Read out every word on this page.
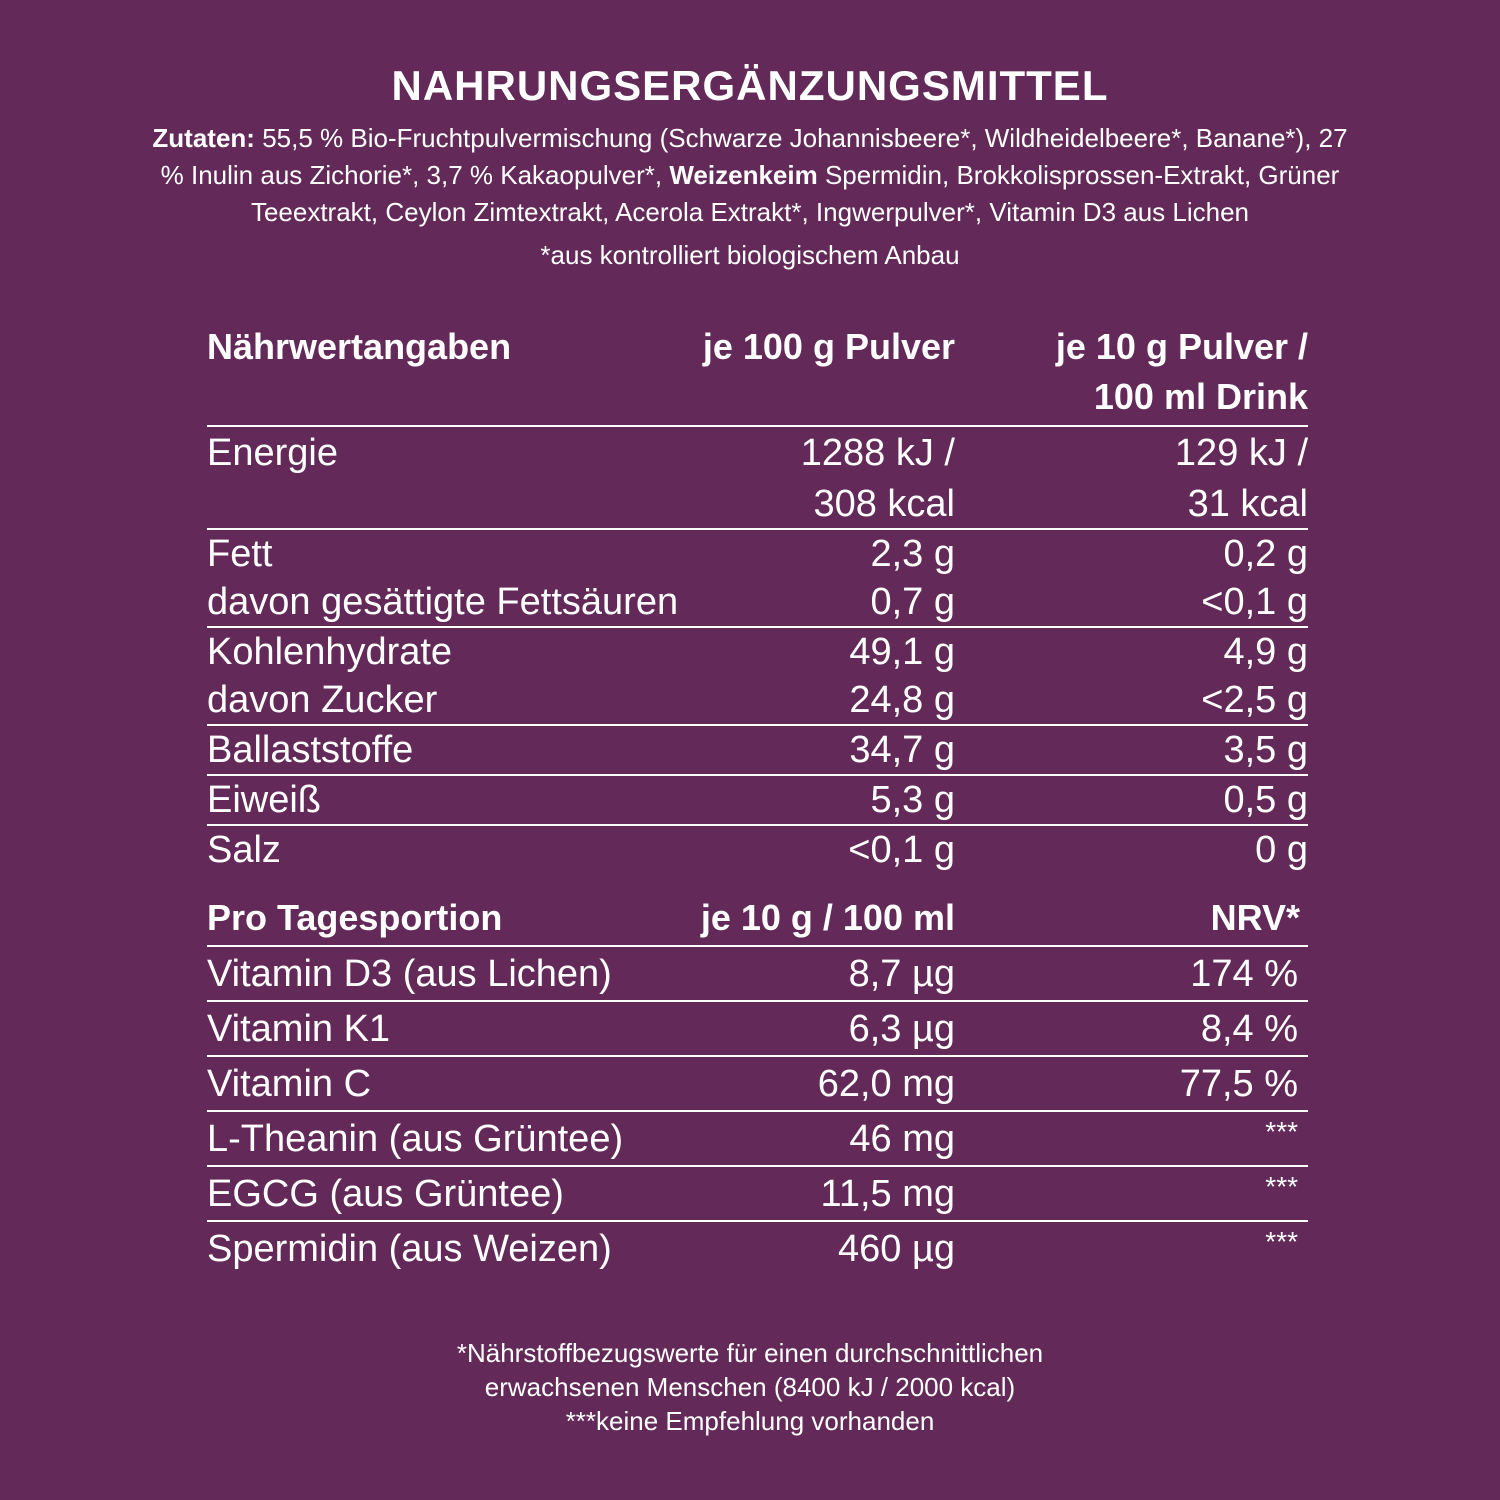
NAHRUNGSERGÄNZUNGSMITTEL
Zutaten: 55,5 % Bio-Fruchtpulvermischung (Schwarze Johannisbeere*, Wildheidelbeere*, Banane*), 27 % Inulin aus Zichorie*, 3,7 % Kakaopulver*, Weizenkeim Spermidin, Brokkolisprossen-Extrakt, Grüner Teeextrakt, Ceylon Zimtextrakt, Acerola Extrakt*, Ingwerpulver*, Vitamin D3 aus Lichen
*aus kontrolliert biologischem Anbau
Nährwertangaben	je 100 g Pulver	je 10 g Pulver /
100 ml Drink
Energie	1288 kJ /	129 kJ /
	308 kcal	31 kcal
Fett	2,3 g	0,2 g
davon gesättigte Fettsäuren	0,7 g	<0,1 g
Kohlenhydrate	49,1 g	4,9 g
davon Zucker	24,8 g	<2,5 g
Ballaststoffe	34,7 g	3,5 g
Eiweiß	5,3 g	0,5 g
Salz	<0,1 g	0 g
Pro Tagesportion	je 10 g / 100 ml	NRV*
Vitamin D3 (aus Lichen)	8,7 µg	174 %
Vitamin K1	6,3 µg	8,4 %
Vitamin C	62,0 mg	77,5 %
L-Theanin (aus Grüntee)	46 mg	***
EGCG (aus Grüntee)	11,5 mg	***
Spermidin (aus Weizen)	460 µg	***
*Nährstoffbezugswerte für einen durchschnittlichen
erwachsenen Menschen (8400 kJ / 2000 kcal)
***keine Empfehlung vorhanden
